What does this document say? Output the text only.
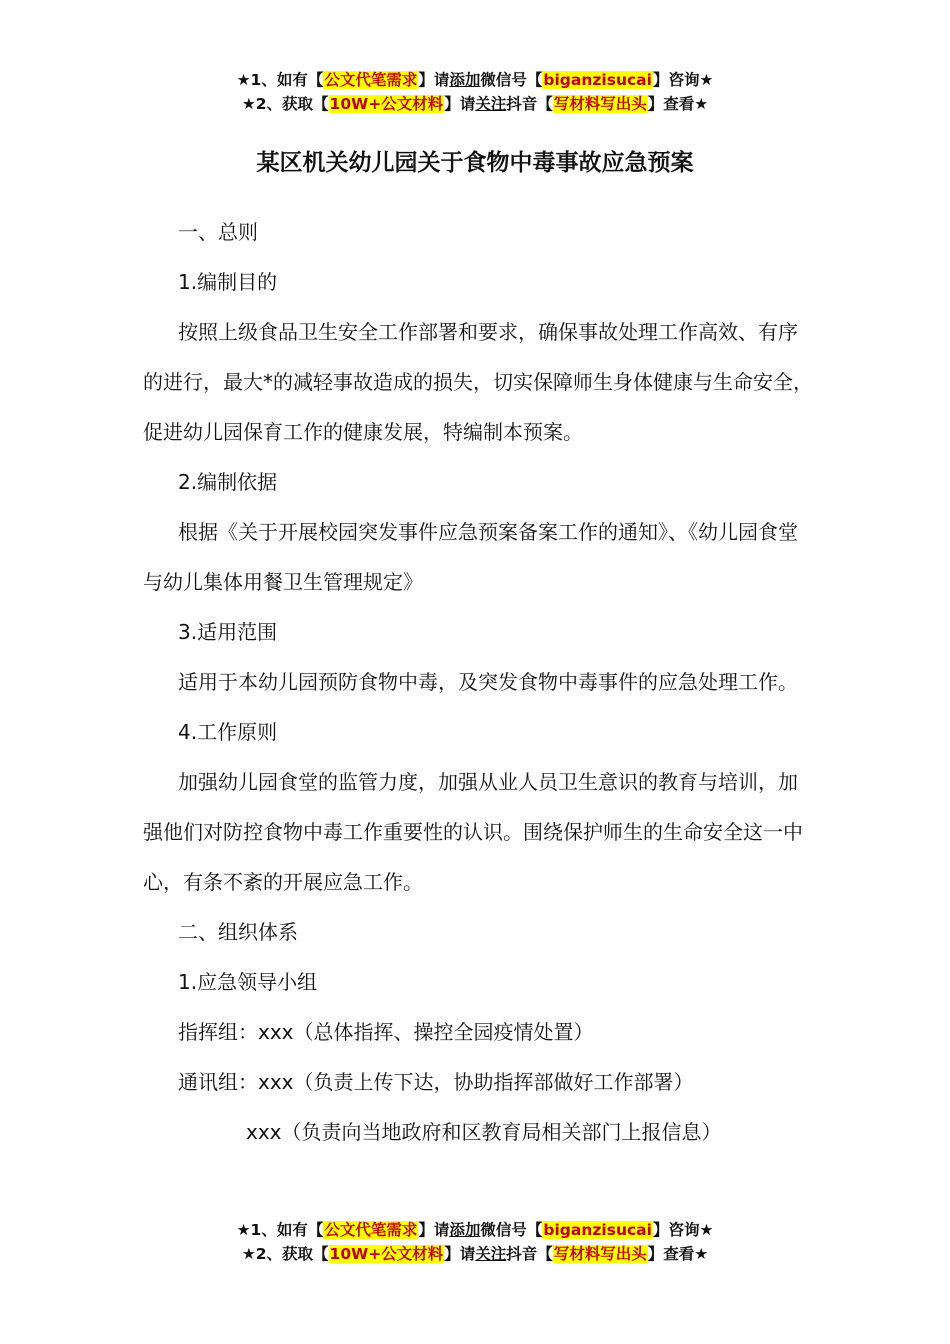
★1、如有【公文代笔需求】请添加微信号【biganzisucai】咨询★
★2、获取【10W+公文材料】请关注抖音【写材料写出头】查看★
某区机关幼儿园关于食物中毒事故应急预案

一、总则

1.编制目的

按照上级食品卫生安全工作部署和要求，确保事故处理工作高效、有序的进行，最大*的减轻事故造成的损失，切实保障师生身体健康与生命安全，促进幼儿园保育工作的健康发展，特编制本预案。

2.编制依据

根据《关于开展校园突发事件应急预案备案工作的通知》、《幼儿园食堂与幼儿集体用餐卫生管理规定》

3.适用范围

适用于本幼儿园预防食物中毒，及突发食物中毒事件的应急处理工作。

4.工作原则

加强幼儿园食堂的监管力度，加强从业人员卫生意识的教育与培训，加强他们对防控食物中毒工作重要性的认识。围绕保护师生的生命安全这一中心，有条不紊的开展应急工作。

二、组织体系

1.应急领导小组

指挥组：xxx（总体指挥、操控全园疫情处置）

通讯组：xxx（负责上传下达，协助指挥部做好工作部署）

xxx（负责向当地政府和区教育局相关部门上报信息）

★1、如有【公文代笔需求】请添加微信号【biganzisucai】咨询★
★2、获取【10W+公文材料】请关注抖音【写材料写出头】查看★
